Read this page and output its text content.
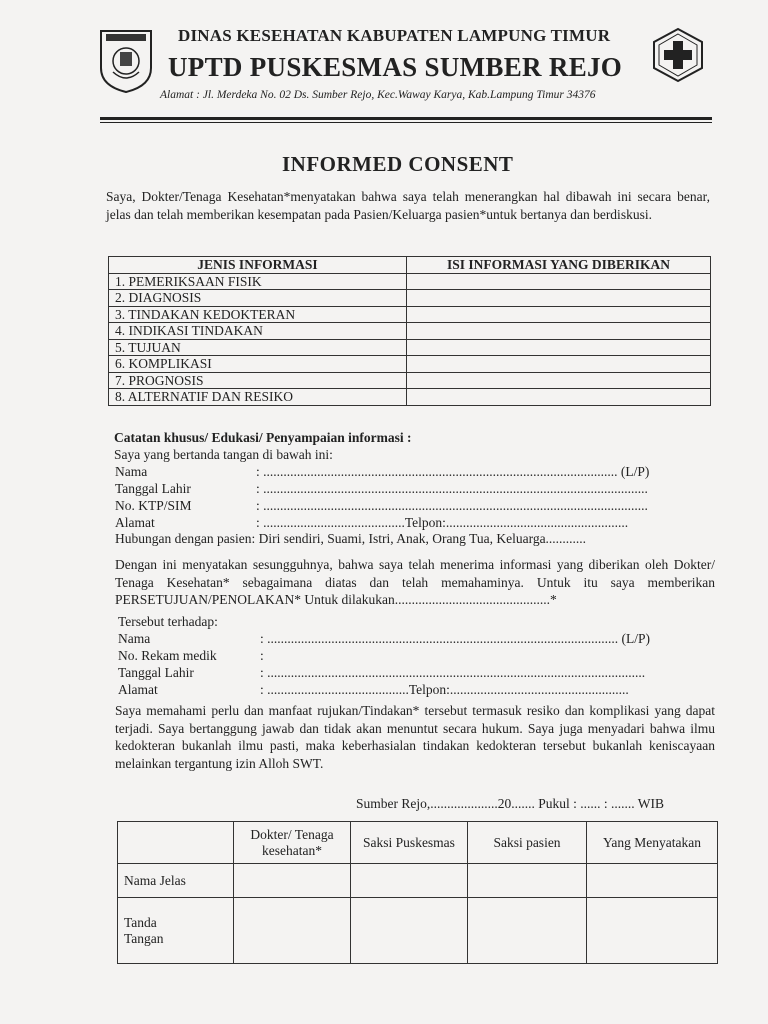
DINAS KESEHATAN KABUPATEN LAMPUNG TIMUR
UPTD PUSKESMAS SUMBER REJO
Alamat : Jl. Merdeka No. 02 Ds. Sumber Rejo, Kec.Waway Karya, Kab.Lampung Timur 34376
INFORMED CONSENT
Saya, Dokter/Tenaga Kesehatan*menyatakan bahwa saya telah menerangkan hal dibawah ini secara benar, jelas dan telah memberikan kesempatan pada Pasien/Keluarga pasien*untuk bertanya dan berdiskusi.
JENIS INFORMASI	ISI INFORMASI YANG DIBERIKAN
1. PEMERIKSAAN FISIK	
2. DIAGNOSIS	
3. TINDAKAN KEDOKTERAN	
4. INDIKASI TINDAKAN	
5. TUJUAN	
6. KOMPLIKASI	
7. PROGNOSIS	
8. ALTERNATIF DAN RESIKO	
Catatan khusus/ Edukasi/ Penyampaian informasi :
Saya yang bertanda tangan di bawah ini:
Nama	: ......................................................................................................... (L/P)
Tanggal Lahir	: ..................................................................................................................
No. KTP/SIM	: ..................................................................................................................
Alamat	: ..........................................Telpon:......................................................
Hubungan dengan pasien: Diri sendiri, Suami, Istri, Anak, Orang Tua, Keluarga............
Dengan ini menyatakan sesungguhnya, bahwa saya telah menerima informasi yang diberikan oleh Dokter/ Tenaga Kesehatan* sebagaimana diatas dan telah memahaminya. Untuk itu saya memberikan PERSETUJUAN/PENOLAKAN* Untuk dilakukan..............................................*
Tersebut terhadap:
Nama	: ........................................................................................................ (L/P)
No. Rekam medik	:
Tanggal Lahir	: ................................................................................................................
Alamat	: ..........................................Telpon:.....................................................
Saya memahami perlu dan manfaat rujukan/Tindakan* tersebut termasuk resiko dan komplikasi yang dapat terjadi. Saya bertanggung jawab dan tidak akan menuntut secara hukum. Saya juga menyadari bahwa ilmu kedokteran bukanlah ilmu pasti, maka keberhasialan tindakan kedokteran tersebut bukanlah keniscayaan melainkan tergantung izin Alloh SWT.
Sumber Rejo,....................20....... Pukul : ...... : ....... WIB
	Dokter/ Tenaga kesehatan*	Saksi Puskesmas	Saksi pasien	Yang Menyatakan
Nama Jelas				
Tanda Tangan				
